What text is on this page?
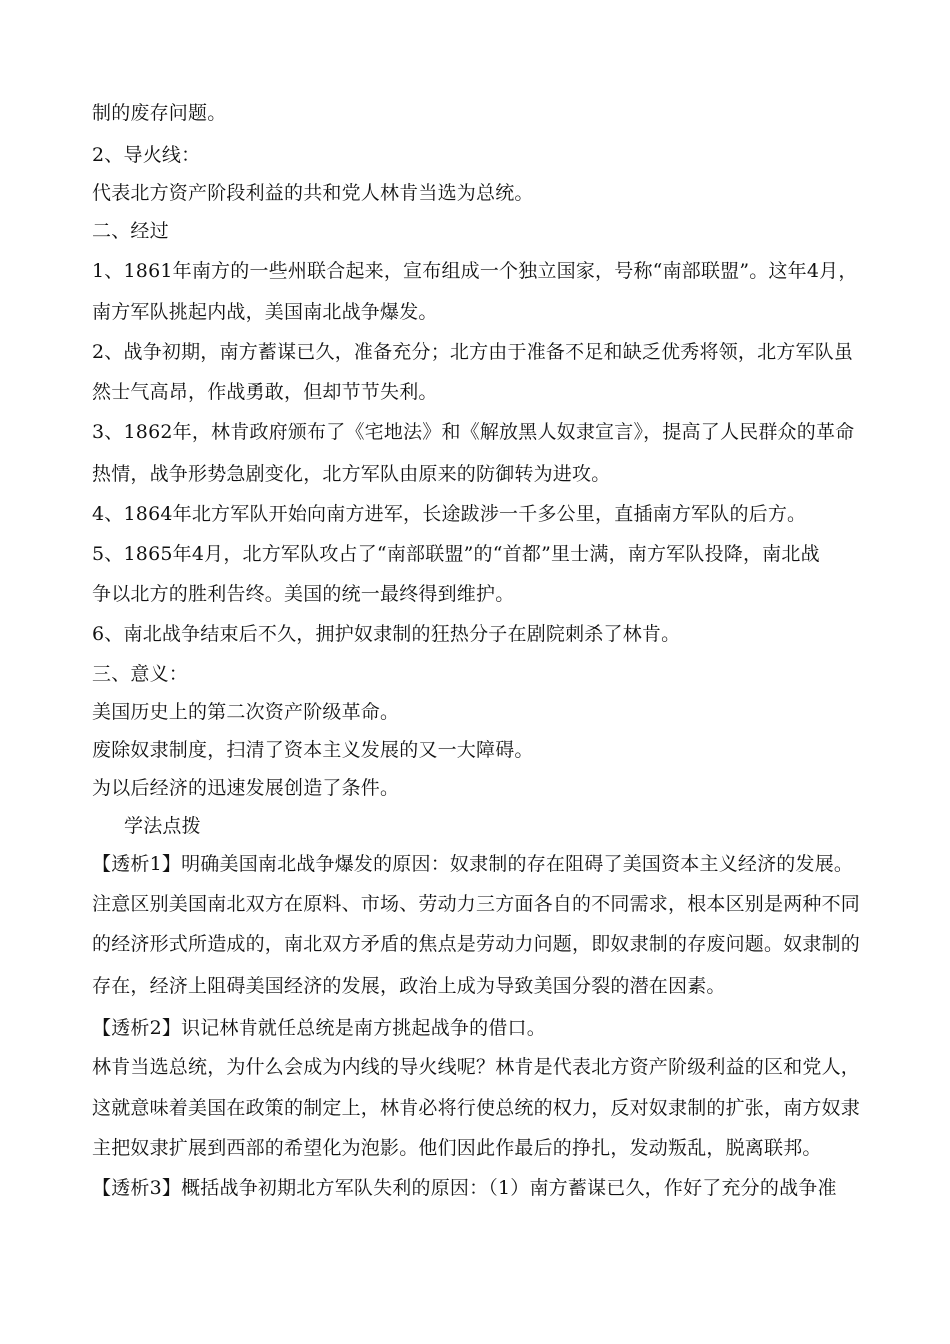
制的废存问题。
2、导火线：
代表北方资产阶段利益的共和党人林肯当选为总统。
二、经过
1、1861年南方的一些州联合起来，宣布组成一个独立国家，号称“南部联盟”。这年4月，
南方军队挑起内战，美国南北战争爆发。
2、战争初期，南方蓄谋已久，准备充分；北方由于准备不足和缺乏优秀将领，北方军队虽
然士气高昂，作战勇敢，但却节节失利。
3、1862年，林肯政府颁布了《宅地法》和《解放黑人奴隶宣言》，提高了人民群众的革命
热情，战争形势急剧变化，北方军队由原来的防御转为进攻。
4、1864年北方军队开始向南方进军，长途跋涉一千多公里，直插南方军队的后方。
5、1865年4月，北方军队攻占了“南部联盟”的“首都”里士满，南方军队投降，南北战
争以北方的胜利告终。美国的统一最终得到维护。
6、南北战争结束后不久，拥护奴隶制的狂热分子在剧院刺杀了林肯。
三、意义：
美国历史上的第二次资产阶级革命。
废除奴隶制度，扫清了资本主义发展的又一大障碍。
为以后经济的迅速发展创造了条件。
学法点拨
【透析1】明确美国南北战争爆发的原因：奴隶制的存在阻碍了美国资本主义经济的发展。
注意区别美国南北双方在原料、市场、劳动力三方面各自的不同需求，根本区别是两种不同
的经济形式所造成的，南北双方矛盾的焦点是劳动力问题，即奴隶制的存废问题。奴隶制的
存在，经济上阻碍美国经济的发展，政治上成为导致美国分裂的潜在因素。
【透析2】识记林肯就任总统是南方挑起战争的借口。
林肯当选总统，为什么会成为内线的导火线呢？林肯是代表北方资产阶级利益的区和党人，
这就意味着美国在政策的制定上，林肯必将行使总统的权力，反对奴隶制的扩张，南方奴隶
主把奴隶扩展到西部的希望化为泡影。他们因此作最后的挣扎，发动叛乱，脱离联邦。
【透析3】概括战争初期北方军队失利的原因：（1）南方蓄谋已久，作好了充分的战争准
